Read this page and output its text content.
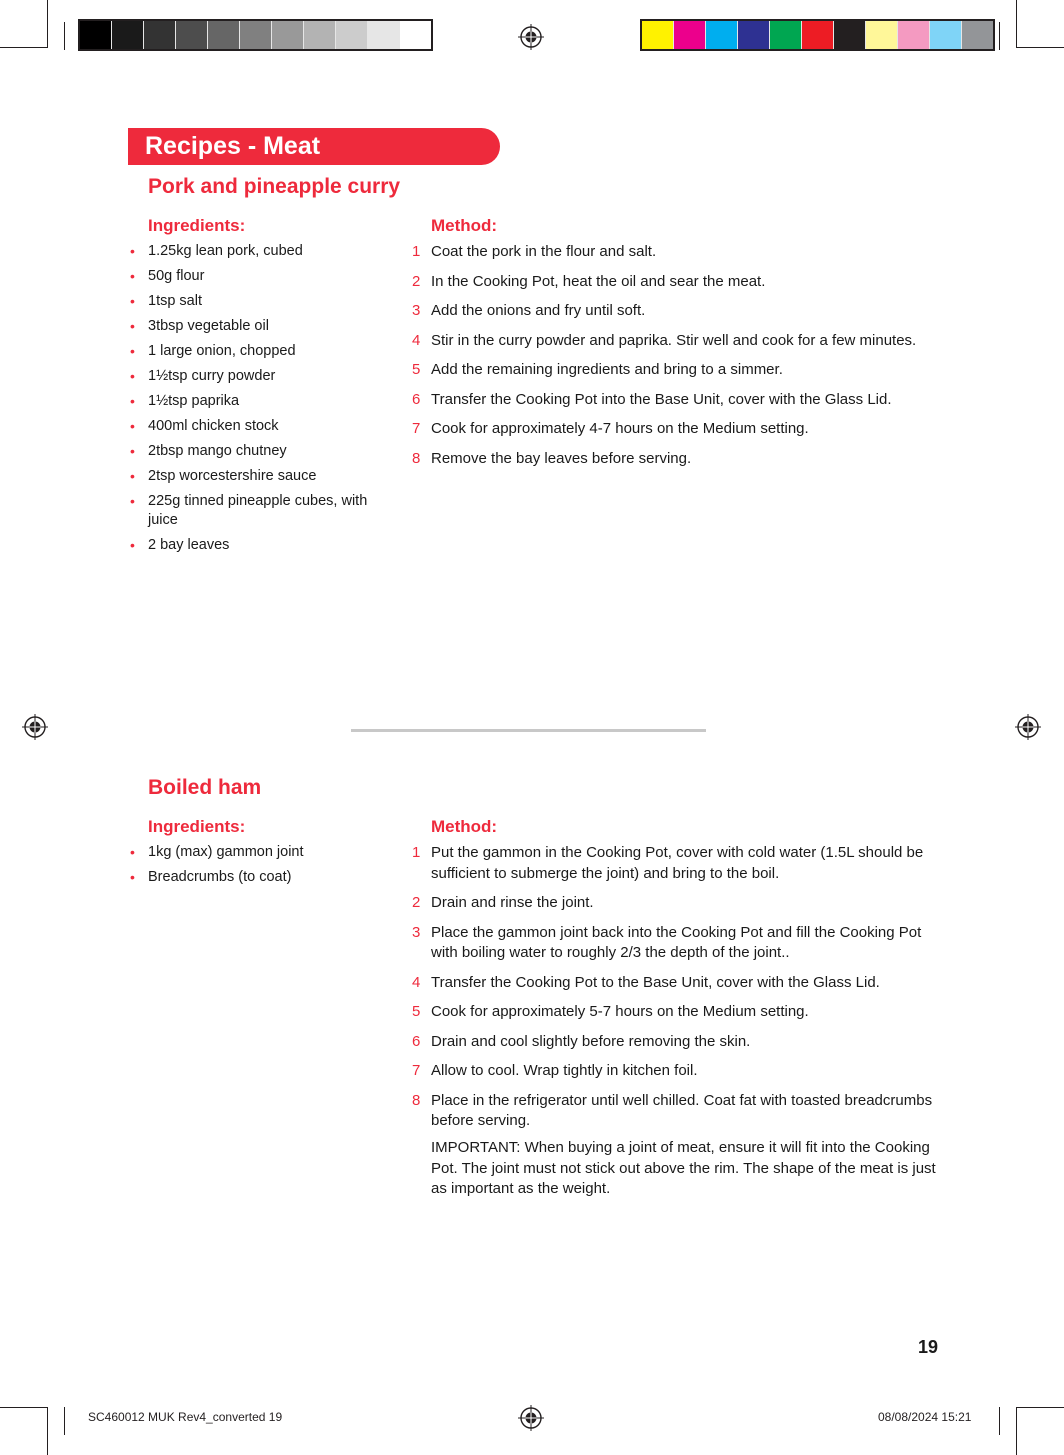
Recipes - Meat
Pork and pineapple curry
Ingredients:	Method:
• 1.25kg lean pork, cubed
• 50g flour
• 1tsp salt
• 3tbsp vegetable oil
• 1 large onion, chopped
• 1½tsp curry powder
• 1½tsp paprika
• 400ml chicken stock
• 2tbsp mango chutney
• 2tsp worcestershire sauce
• 225g tinned pineapple cubes, with juice
• 2 bay leaves
1 Coat the pork in the flour and salt.
2 In the Cooking Pot, heat the oil and sear the meat.
3 Add the onions and fry until soft.
4 Stir in the curry powder and paprika. Stir well and cook for a few minutes.
5 Add the remaining ingredients and bring to a simmer.
6 Transfer the Cooking Pot into the Base Unit, cover with the Glass Lid.
7 Cook for approximately 4-7 hours on the Medium setting.
8 Remove the bay leaves before serving.
Boiled ham
Ingredients:	Method:
• 1kg (max) gammon joint
• Breadcrumbs (to coat)
1 Put the gammon in the Cooking Pot, cover with cold water (1.5L should be sufficient to submerge the joint) and bring to the boil.
2 Drain and rinse the joint.
3 Place the gammon joint back into the Cooking Pot and fill the Cooking Pot with boiling water to roughly 2/3 the depth of the joint..
4 Transfer the Cooking Pot to the Base Unit, cover with the Glass Lid.
5 Cook for approximately 5-7 hours on the Medium setting.
6 Drain and cool slightly before removing the skin.
7 Allow to cool. Wrap tightly in kitchen foil.
8 Place in the refrigerator until well chilled. Coat fat with toasted breadcrumbs before serving.
IMPORTANT: When buying a joint of meat, ensure it will fit into the Cooking Pot. The joint must not stick out above the rim. The shape of the meat is just as important as the weight.
19
SC460012 MUK Rev4_converted 19	08/08/2024 15:21
